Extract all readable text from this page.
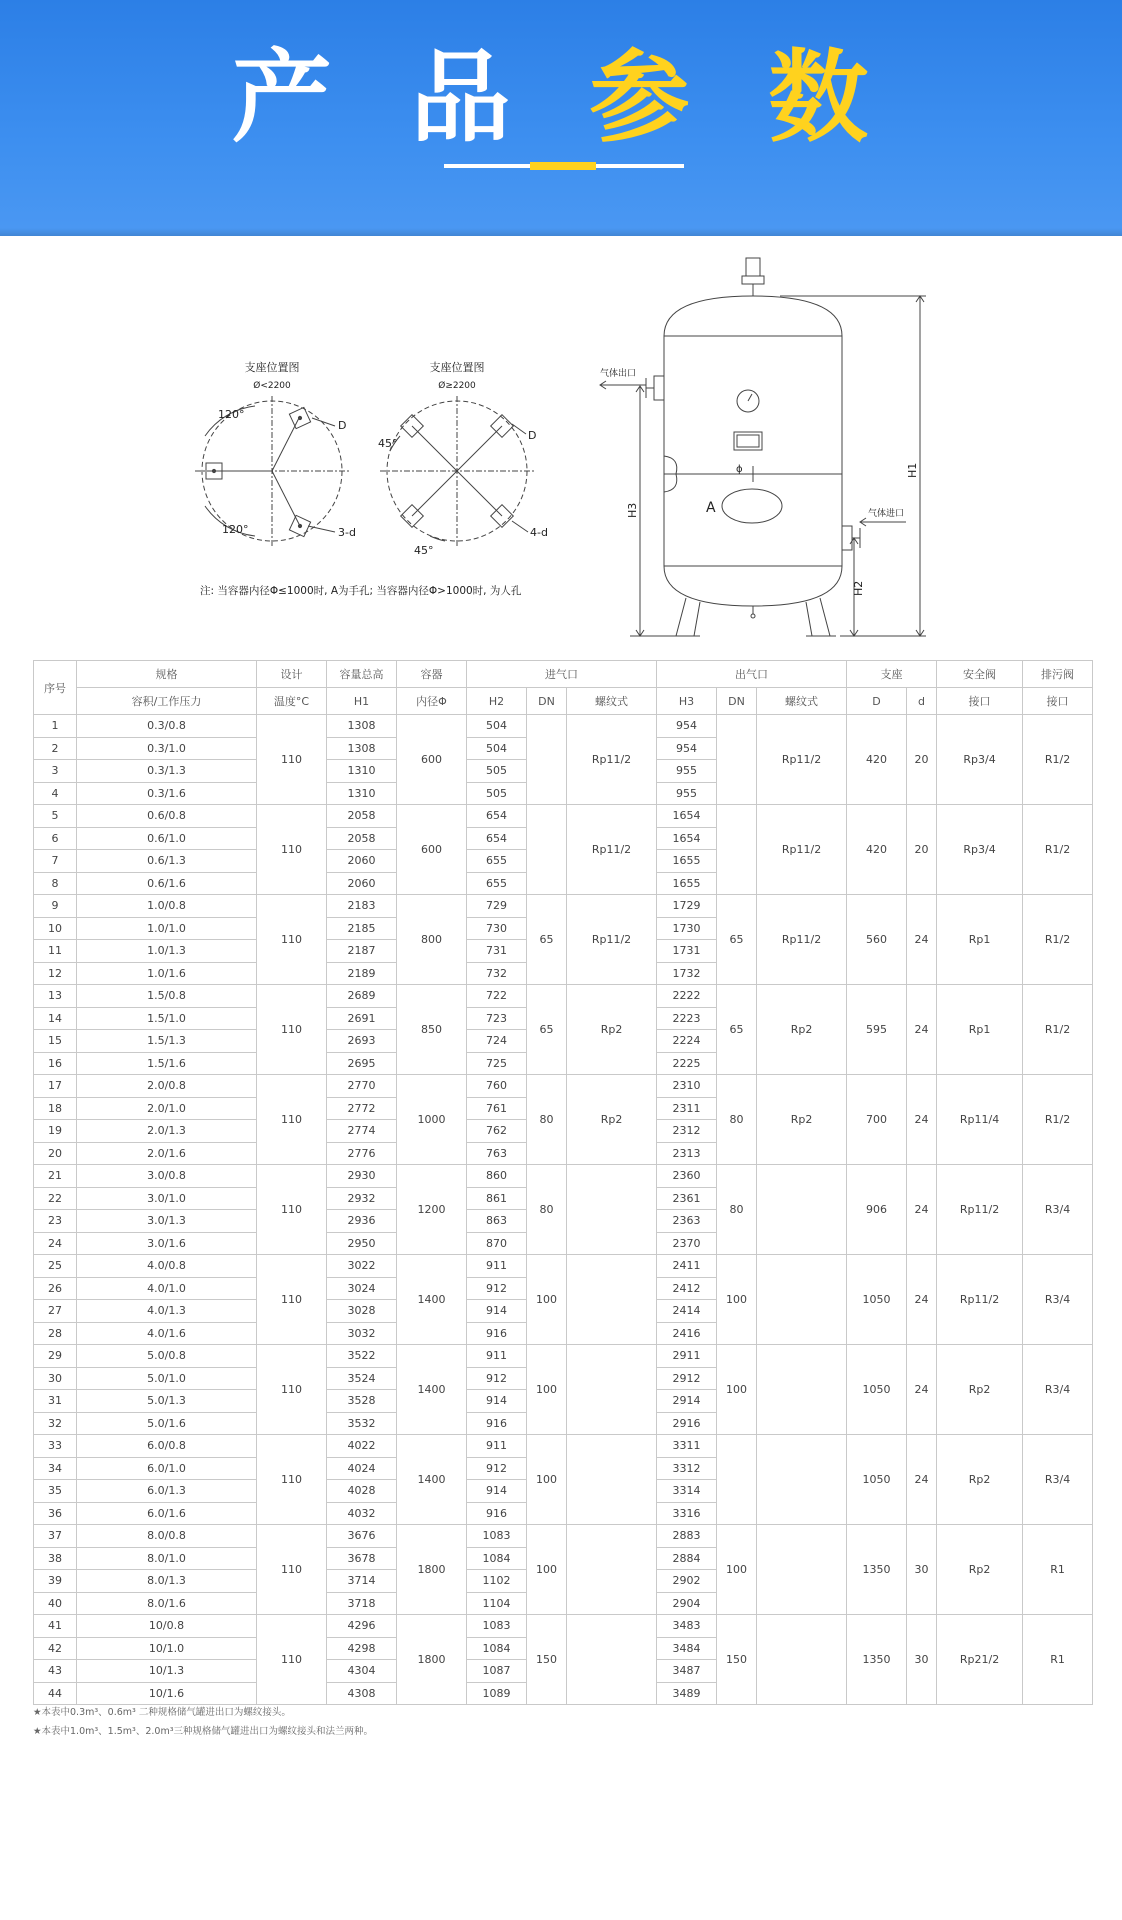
产 品 参 数
支座位置图
Ø<2200
120°
120°
D
3-d
支座位置图
Ø≥2200
45°
45°
D
4-d
注: 当容器内径Φ≤1000时, A为手孔; 当容器内径Φ>1000时, 为人孔
A
ϕ
气体出口
气体进口
H1
H2
H3
序号	规格	设计	容量总高	容器	进气口			出气口			支座		安全阀	排污阀
	容积/工作压力	温度°C	H1	内径Φ	H2	DN	螺纹式	H3	DN	螺纹式	D	d	接口	接口
1	0.3/0.8	110	1308	600	504		Rp11/2	954		Rp11/2	420	20	Rp3/4	R1/2
2	0.3/1.0		1308		504			954						
3	0.3/1.3		1310		505			955						
4	0.3/1.6		1310		505			955						
5	0.6/0.8	110	2058	600	654		Rp11/2	1654		Rp11/2	420	20	Rp3/4	R1/2
6	0.6/1.0		2058		654			1654						
7	0.6/1.3		2060		655			1655						
8	0.6/1.6		2060		655			1655						
9	1.0/0.8	110	2183	800	729	65	Rp11/2	1729	65	Rp11/2	560	24	Rp1	R1/2
10	1.0/1.0		2185		730			1730						
11	1.0/1.3		2187		731			1731						
12	1.0/1.6		2189		732			1732						
13	1.5/0.8	110	2689	850	722	65	Rp2	2222	65	Rp2	595	24	Rp1	R1/2
14	1.5/1.0		2691		723			2223						
15	1.5/1.3		2693		724			2224						
16	1.5/1.6		2695		725			2225						
17	2.0/0.8	110	2770	1000	760	80	Rp2	2310	80	Rp2	700	24	Rp11/4	R1/2
18	2.0/1.0		2772		761			2311						
19	2.0/1.3		2774		762			2312						
20	2.0/1.6		2776		763			2313						
21	3.0/0.8	110	2930	1200	860	80		2360	80		906	24	Rp11/2	R3/4
22	3.0/1.0		2932		861			2361						
23	3.0/1.3		2936		863			2363						
24	3.0/1.6		2950		870			2370						
25	4.0/0.8	110	3022	1400	911	100		2411	100		1050	24	Rp11/2	R3/4
26	4.0/1.0		3024		912			2412						
27	4.0/1.3		3028		914			2414						
28	4.0/1.6		3032		916			2416						
29	5.0/0.8	110	3522	1400	911	100		2911	100		1050	24	Rp2	R3/4
30	5.0/1.0		3524		912			2912						
31	5.0/1.3		3528		914			2914						
32	5.0/1.6		3532		916			2916						
33	6.0/0.8	110	4022	1400	911	100		3311			1050	24	Rp2	R3/4
34	6.0/1.0		4024		912			3312						
35	6.0/1.3		4028		914			3314						
36	6.0/1.6		4032		916			3316						
37	8.0/0.8	110	3676	1800	1083	100		2883	100		1350	30	Rp2	R1
38	8.0/1.0		3678		1084			2884						
39	8.0/1.3		3714		1102			2902						
40	8.0/1.6		3718		1104			2904						
41	10/0.8	110	4296	1800	1083	150		3483	150		1350	30	Rp21/2	R1
42	10/1.0		4298		1084			3484						
43	10/1.3		4304		1087			3487						
44	10/1.6		4308		1089			3489						
★本表中0.3m³、0.6m³ 二种规格储气罐进出口为螺纹接头。
★本表中1.0m³、1.5m³、2.0m³三种规格储气罐进出口为螺纹接头和法兰两种。
